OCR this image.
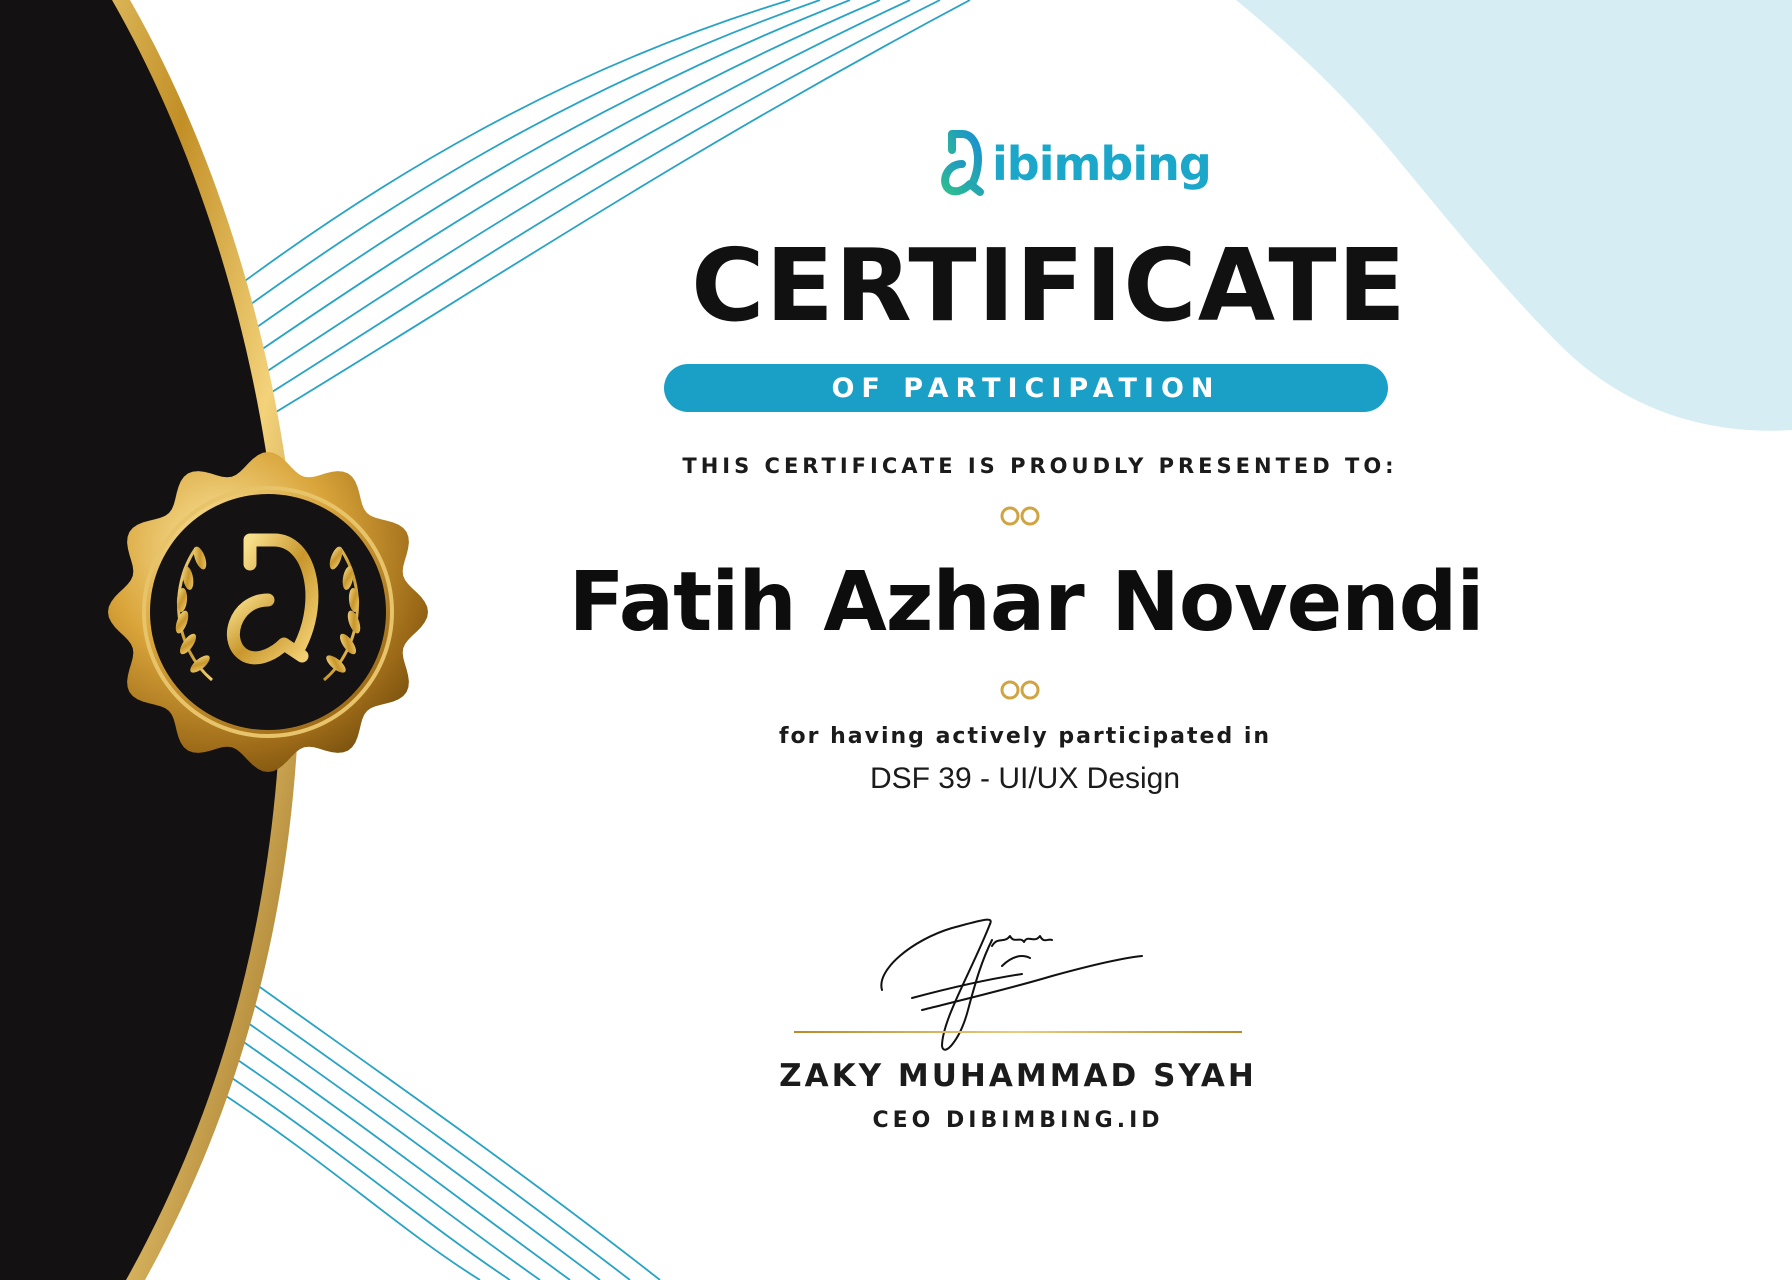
ibimbing
CERTIFICATE
OF PARTICIPATION
THIS CERTIFICATE IS PROUDLY PRESENTED TO:
Fatih Azhar Novendi
for having actively participated in
DSF 39 - UI/UX Design
ZAKY MUHAMMAD SYAH
CEO DIBIMBING.ID
